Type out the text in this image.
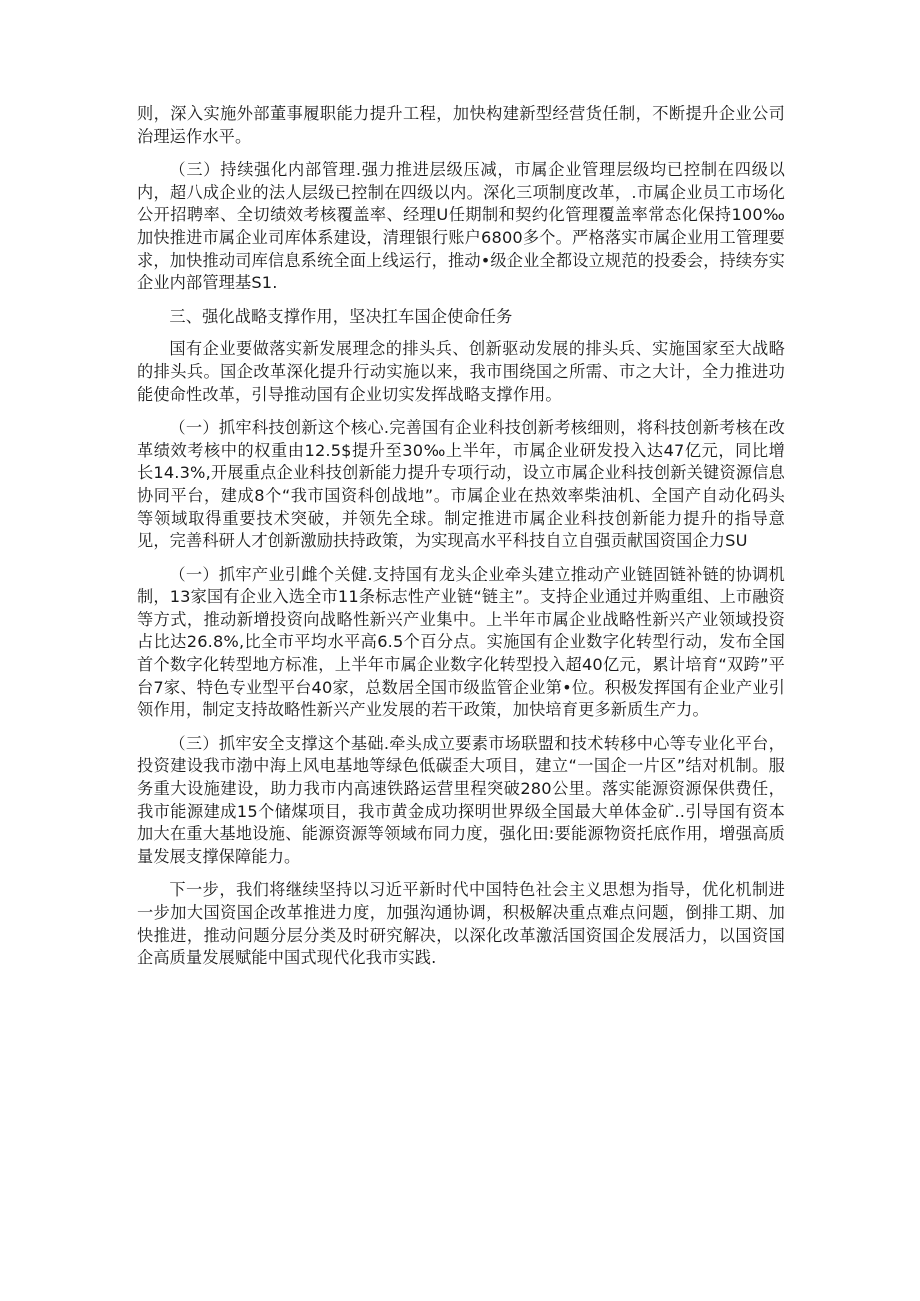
则，深入实施外部董事履职能力提升工程，加快构建新型经营货任制，不断提升企业公司治理运作水平。

（三）持续强化内部管理.强力推进层级压减，市属企业管理层级均已控制在四级以内，超八成企业的法人层级已控制在四级以内。深化三项制度改革，.市属企业员工市场化公开招聘率、全切绩效考核覆盖率、经理U任期制和契约化管理覆盖率常态化保持100‰加快推进市属企业司库体系建设，清理银行账户6800多个。严格落实市属企业用工管理要求，加快推动司库信息系统全面上线运行，推动•级企业全都设立规范的投委会，持续夯实企业内部管理基S1.

三、强化战略支撑作用，坚决扛车国企使命任务

国有企业要做落实新发展理念的排头兵、创新驱动发展的排头兵、实施国家至大战略的排头兵。国企改革深化提升行动实施以来，我市围绕国之所需、市之大计，全力推进功能使命性改革，引导推动国有企业切实发挥战略支撑作用。

（一）抓牢科技创新这个核心.完善国有企业科技创新考核细则，将科技创新考核在改革绩效考核中的权重由12.5$提升至30‰上半年，市属企业研发投入达47亿元，同比增长14.3%,开展重点企业科技创新能力提升专项行动，设立市属企业科技创新关键资源信息协同平台，建成8个“我市国资科创战地”。市属企业在热效率柴油机、全国产自动化码头等领域取得重要技术突破，并领先全球。制定推进市属企业科技创新能力提升的指导意见，完善科研人才创新激励扶持政策，为实现高水平科技自立自强贡献国资国企力SU

（一）抓牢产业引雌个关健.支持国有龙头企业牵头建立推动产业链固链补链的协调机制，13家国有企业入选全市11条标志性产业链“链主”。支持企业通过并购重组、上市融资等方式，推动新增投资向战略性新兴产业集中。上半年市属企业战略性新兴产业领域投资占比达26.8%,比全市平均水平高6.5个百分点。实施国有企业数字化转型行动，发布全国首个数字化转型地方标准，上半年市属企业数字化转型投入超40亿元，累计培育“双跨”平台7家、特色专业型平台40家，总数居全国市级监管企业第•位。积极发挥国有企业产业引领作用，制定支持故略性新兴产业发展的若干政策，加快培育更多新质生产力。

（三）抓牢安全支撑这个基础.牵头成立要素市场联盟和技术转移中心等专业化平台，投资建设我市渤中海上风电基地等绿色低碳歪大项目，建立“一国企一片区”结对机制。服务重大设施建设，助力我市内高速铁路运营里程突破280公里。落实能源资源保供费任，我市能源建成15个储煤项目，我市黄金成功探明世界级全国最大单体金矿..引导国有资本加大在重大基地设施、能源资源等领域布同力度，强化田:要能源物资托底作用，增强高质量发展支撑保障能力。

下一步，我们将继续坚持以习近平新时代中国特色社会主义思想为指导，优化机制进一步加大国资国企改革推进力度，加强沟通协调，积极解决重点难点问题，倒排工期、加快推进，推动问题分层分类及时研究解决，以深化改革激活国资国企发展活力，以国资国企高质量发展赋能中国式现代化我市实践.
